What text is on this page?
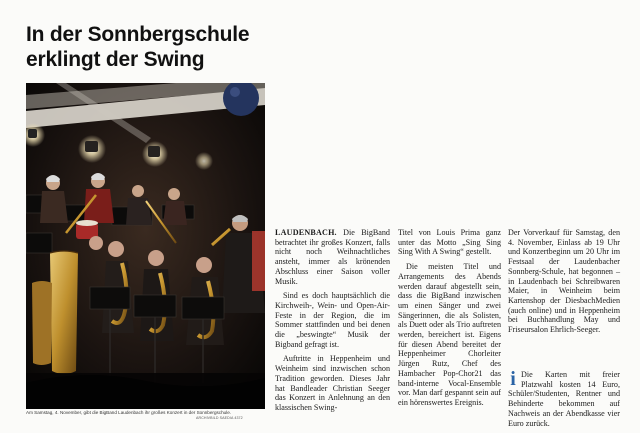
In der Sonnbergschule
erklingt der Swing
Am Samstag, 4. November, gibt die BigBand Laudenbach ihr großes Konzert in der Sonnbergschule.
ARCHIVBILD SAEDIA 4372

LAUDENBACH. Die BigBand betrachtet ihr großes Konzert, falls nicht noch Weihnachtliches ansteht, immer als krönenden Abschluss einer Saison voller Musik.

Sind es doch hauptsächlich die Kirchweih-, Wein- und Open-Air-Feste in der Region, die im Sommer stattfinden und bei denen die „beswingte“ Musik der Bigband gefragt ist.

Auftritte in Heppenheim und Weinheim sind inzwischen schon Tradition geworden. Dieses Jahr hat Bandleader Christian Seeger das Konzert in Anlehnung an den klassischen Swing-

Titel von Louis Prima ganz unter das Motto „Sing Sing Sing With A Swing“ gestellt.

Die meisten Titel und Arrangements des Abends werden darauf abgestellt sein, dass die BigBand inzwischen um einen Sänger und zwei Sängerinnen, die als Solisten, als Duett oder als Trio auftreten werden, bereichert ist. Eigens für diesen Abend bereitet der Heppenheimer Chorleiter Jürgen Rutz, Chef des Hambacher Pop-Chor21 das band-interne Vocal-Ensemble vor. Man darf gespannt sein auf ein hörenswertes Ereignis.

Der Vorverkauf für Samstag, den 4. November, Einlass ab 19 Uhr und Konzertbeginn um 20 Uhr im Festsaal der Laudenbacher Sonnberg-Schule, hat begonnen – in Laudenbach bei Schreibwaren Maier, in Weinheim beim Kartenshop der DiesbachMedien (auch online) und in Heppenheim bei Buchhandlung May und Friseursalon Ehrlich-Seeger.

i Die Karten mit freier Platzwahl kosten 14 Euro, Schüler/Studenten, Rentner und Behinderte bekommen auf Nachweis an der Abendkasse vier Euro zurück.
